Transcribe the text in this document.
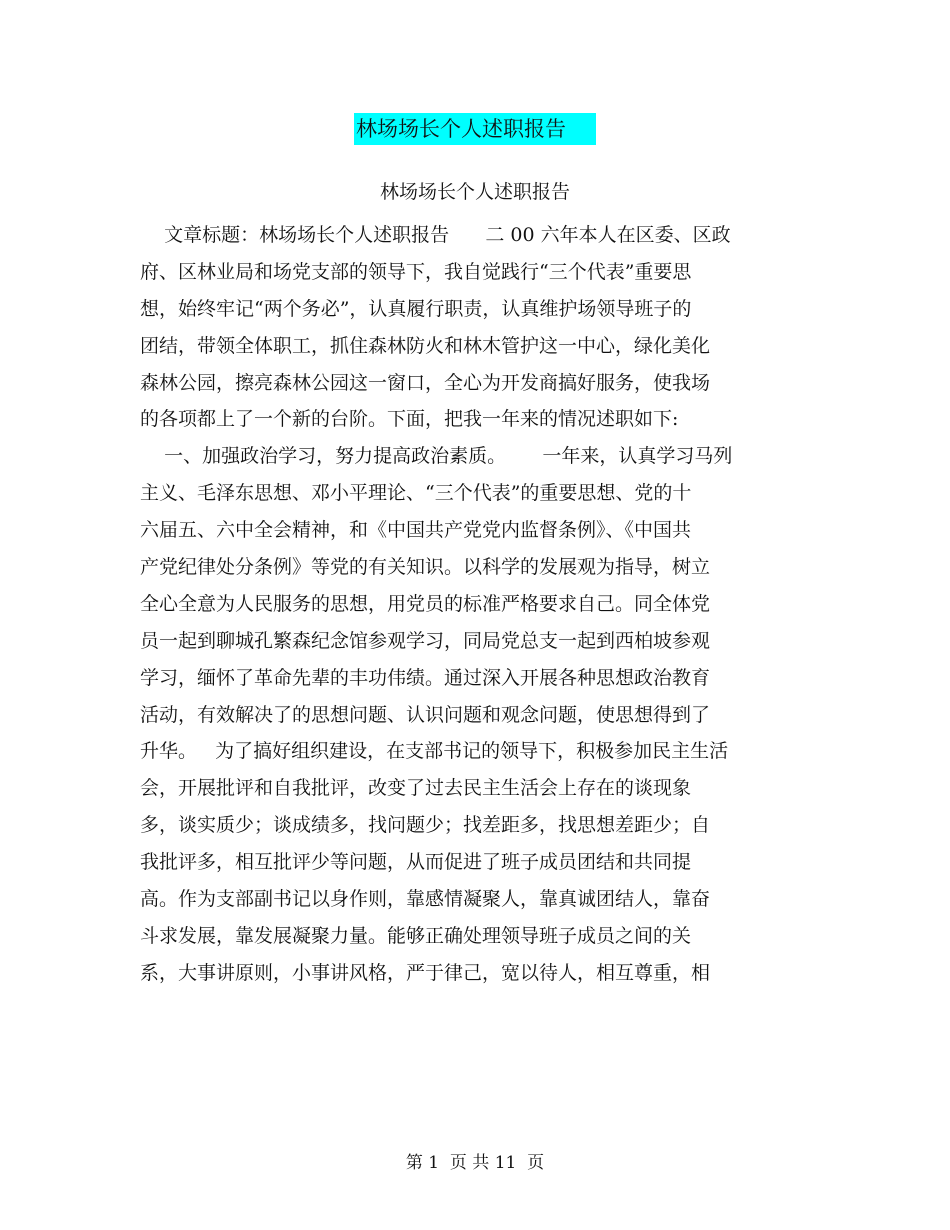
林场场长个人述职报告
林场场长个人述职报告
文章标题：林场场长个人述职报告      二 00 六年本人在区委、区政
府、区林业局和场党支部的领导下，我自觉践行“三个代表”重要思
想，始终牢记“两个务必”，认真履行职责，认真维护场领导班子的
团结，带领全体职工，抓住森林防火和林木管护这一中心，绿化美化
森林公园，擦亮森林公园这一窗口，全心为开发商搞好服务，使我场
的各项都上了一个新的台阶。下面，把我一年来的情况述职如下:
一、加强政治学习，努力提高政治素质。      一年来，认真学习马列
主义、毛泽东思想、邓小平理论、“三个代表”的重要思想、党的十
六届五、六中全会精神，和《中国共产党党内监督条例》、《中国共
产党纪律处分条例》等党的有关知识。以科学的发展观为指导，树立
全心全意为人民服务的思想，用党员的标准严格要求自己。同全体党
员一起到聊城孔繁森纪念馆参观学习，同局党总支一起到西柏坡参观
学习，缅怀了革命先辈的丰功伟绩。通过深入开展各种思想政治教育
活动，有效解决了的思想问题、认识问题和观念问题，使思想得到了
升华。   为了搞好组织建设，在支部书记的领导下，积极参加民主生活
会，开展批评和自我批评，改变了过去民主生活会上存在的谈现象
多，谈实质少；谈成绩多，找问题少；找差距多，找思想差距少；自
我批评多，相互批评少等问题，从而促进了班子成员团结和共同提
高。作为支部副书记以身作则，靠感情凝聚人，靠真诚团结人，靠奋
斗求发展，靠发展凝聚力量。能够正确处理领导班子成员之间的关
系，大事讲原则，小事讲风格，严于律己，宽以待人，相互尊重，相
第 1  页 共 11  页
